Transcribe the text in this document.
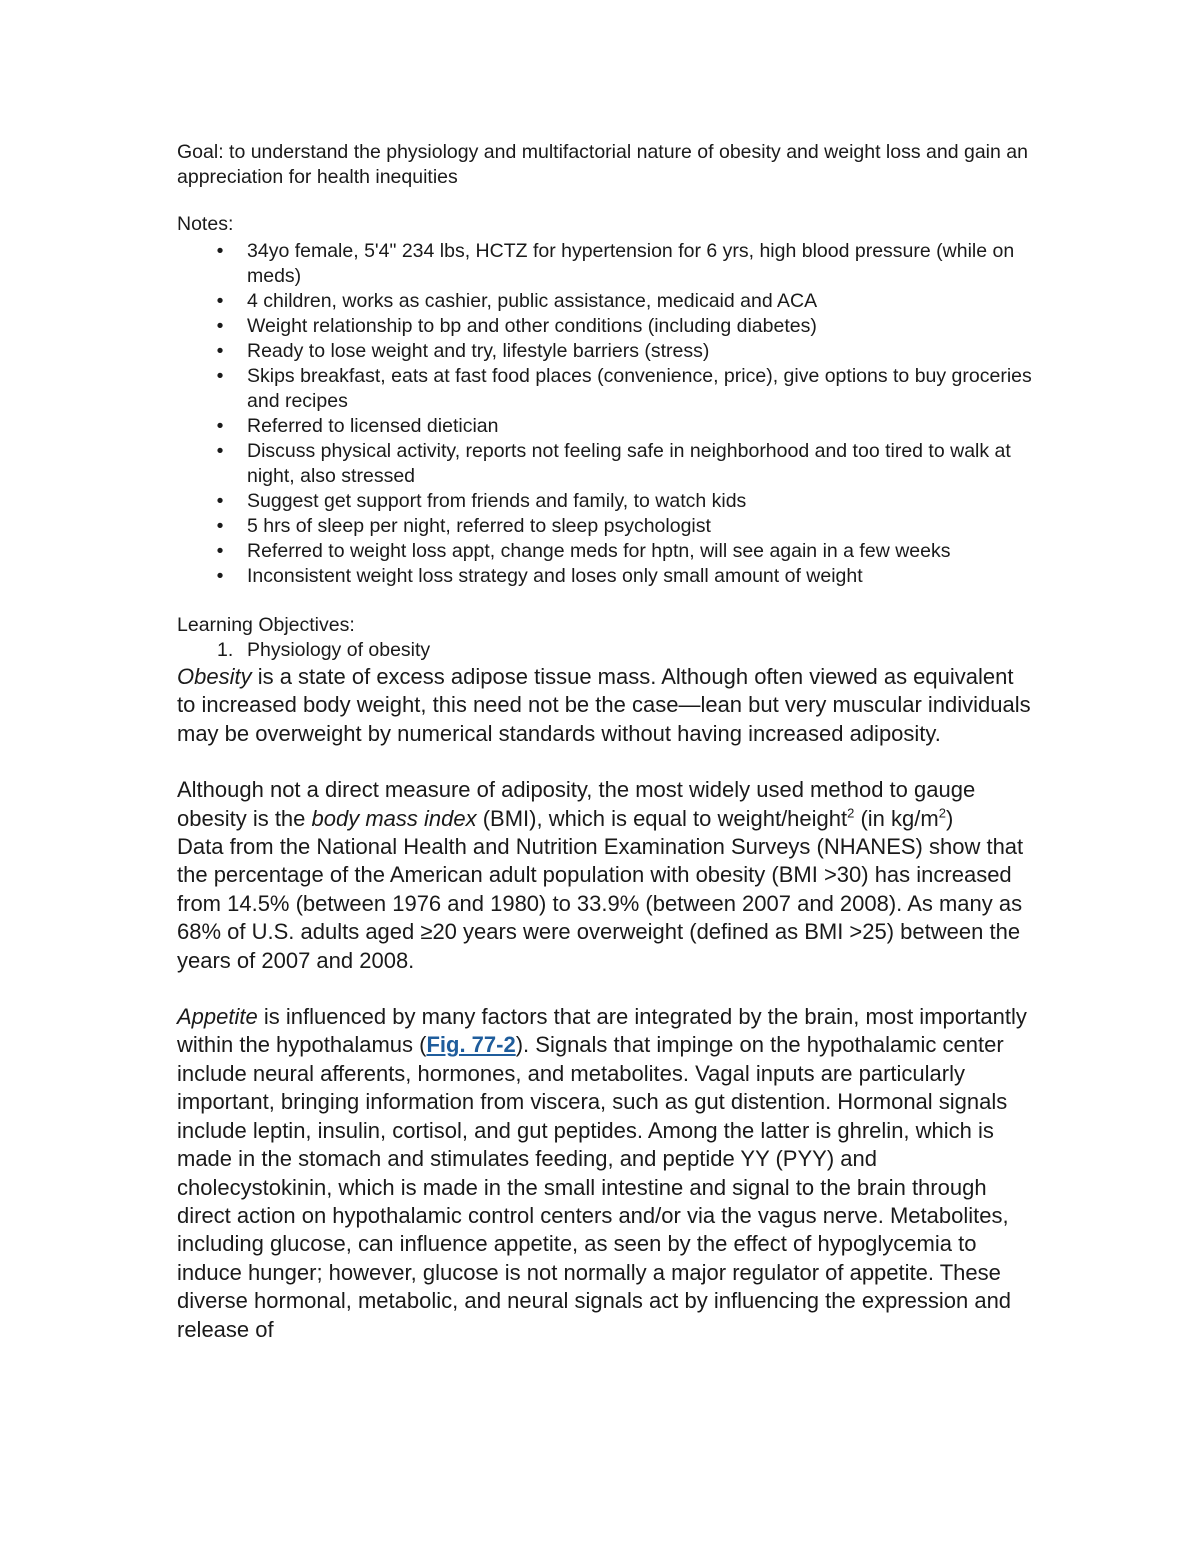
Goal: to understand the physiology and multifactorial nature of obesity and weight loss and gain an appreciation for health inequities

Notes:

• 34yo female, 5'4" 234 lbs, HCTZ for hypertension for 6 yrs, high blood pressure (while on meds)
• 4 children, works as cashier, public assistance, medicaid and ACA
• Weight relationship to bp and other conditions (including diabetes)
• Ready to lose weight and try, lifestyle barriers (stress)
• Skips breakfast, eats at fast food places (convenience, price), give options to buy groceries and recipes
• Referred to licensed dietician
• Discuss physical activity, reports not feeling safe in neighborhood and too tired to walk at night, also stressed
• Suggest get support from friends and family, to watch kids
• 5 hrs of sleep per night, referred to sleep psychologist
• Referred to weight loss appt, change meds for hptn, will see again in a few weeks
• Inconsistent weight loss strategy and loses only small amount of weight

Learning Objectives:

1. Physiology of obesity

Obesity is a state of excess adipose tissue mass. Although often viewed as equivalent to increased body weight, this need not be the case—lean but very muscular individuals may be overweight by numerical standards without having increased adiposity.

Although not a direct measure of adiposity, the most widely used method to gauge obesity is the body mass index (BMI), which is equal to weight/height$^2$ (in $kg/m^2$)

Data from the National Health and Nutrition Examination Surveys (NHANES) show that the percentage of the American adult population with obesity (BMI >30) has increased from 14.5% (between 1976 and 1980) to 33.9% (between 2007 and 2008). As many as 68% of U.S. adults aged ≥20 years were overweight (defined as BMI >25) between the years of 2007 and 2008.

Appetite is influenced by many factors that are integrated by the brain, most importantly within the hypothalamus (Fig. 77-2). Signals that impinge on the hypothalamic center include neural afferents, hormones, and metabolites. Vagal inputs are particularly important, bringing information from viscera, such as gut distention. Hormonal signals include leptin, insulin, cortisol, and gut peptides. Among the latter is ghrelin, which is made in the stomach and stimulates feeding, and peptide YY (PYY) and cholecystokinin, which is made in the small intestine and signal to the brain through direct action on hypothalamic control centers and/or via the vagus nerve. Metabolites, including glucose, can influence appetite, as seen by the effect of hypoglycemia to induce hunger; however, glucose is not normally a major regulator of appetite. These diverse hormonal, metabolic, and neural signals act by influencing the expression and release of
